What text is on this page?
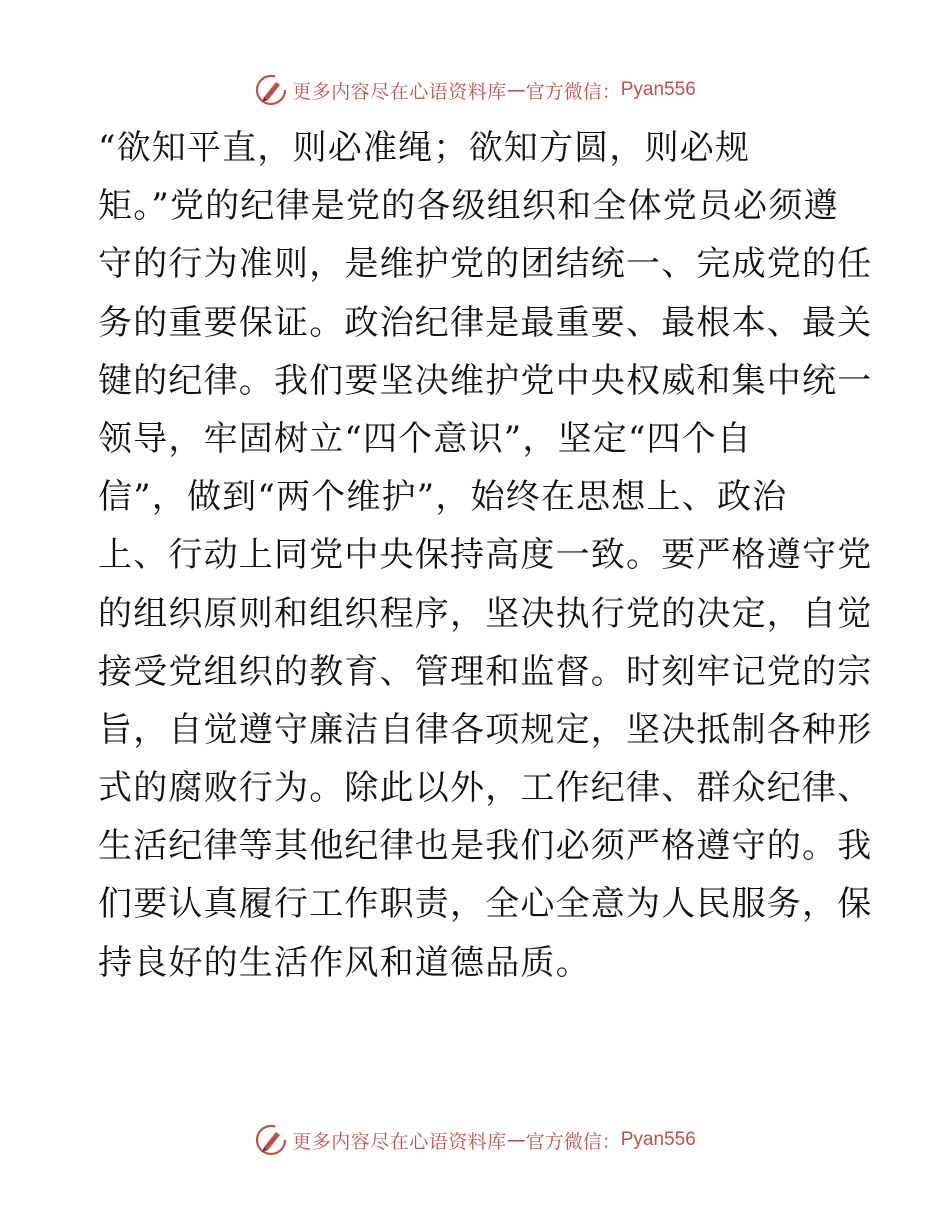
更多内容尽在心语资料库 — 官方微信： Pyan556
“欲知平直，则必准绳；欲知方圆，则必规
矩。”党的纪律是党的各级组织和全体党员必须遵
守的行为准则，是维护党的团结统一、完成党的任
务的重要保证。政治纪律是最重要、最根本、最关
键的纪律。我们要坚决维护党中央权威和集中统一
领导，牢固树立“四个意识”，坚定“四个自
信”，做到“两个维护”，始终在思想上、政治
上、行动上同党中央保持高度一致。要严格遵守党
的组织原则和组织程序，坚决执行党的决定，自觉
接受党组织的教育、管理和监督。时刻牢记党的宗
旨，自觉遵守廉洁自律各项规定，坚决抵制各种形
式的腐败行为。除此以外，工作纪律、群众纪律、
生活纪律等其他纪律也是我们必须严格遵守的。我
们要认真履行工作职责，全心全意为人民服务，保
持良好的生活作风和道德品质。
更多内容尽在心语资料库 — 官方微信： Pyan556
